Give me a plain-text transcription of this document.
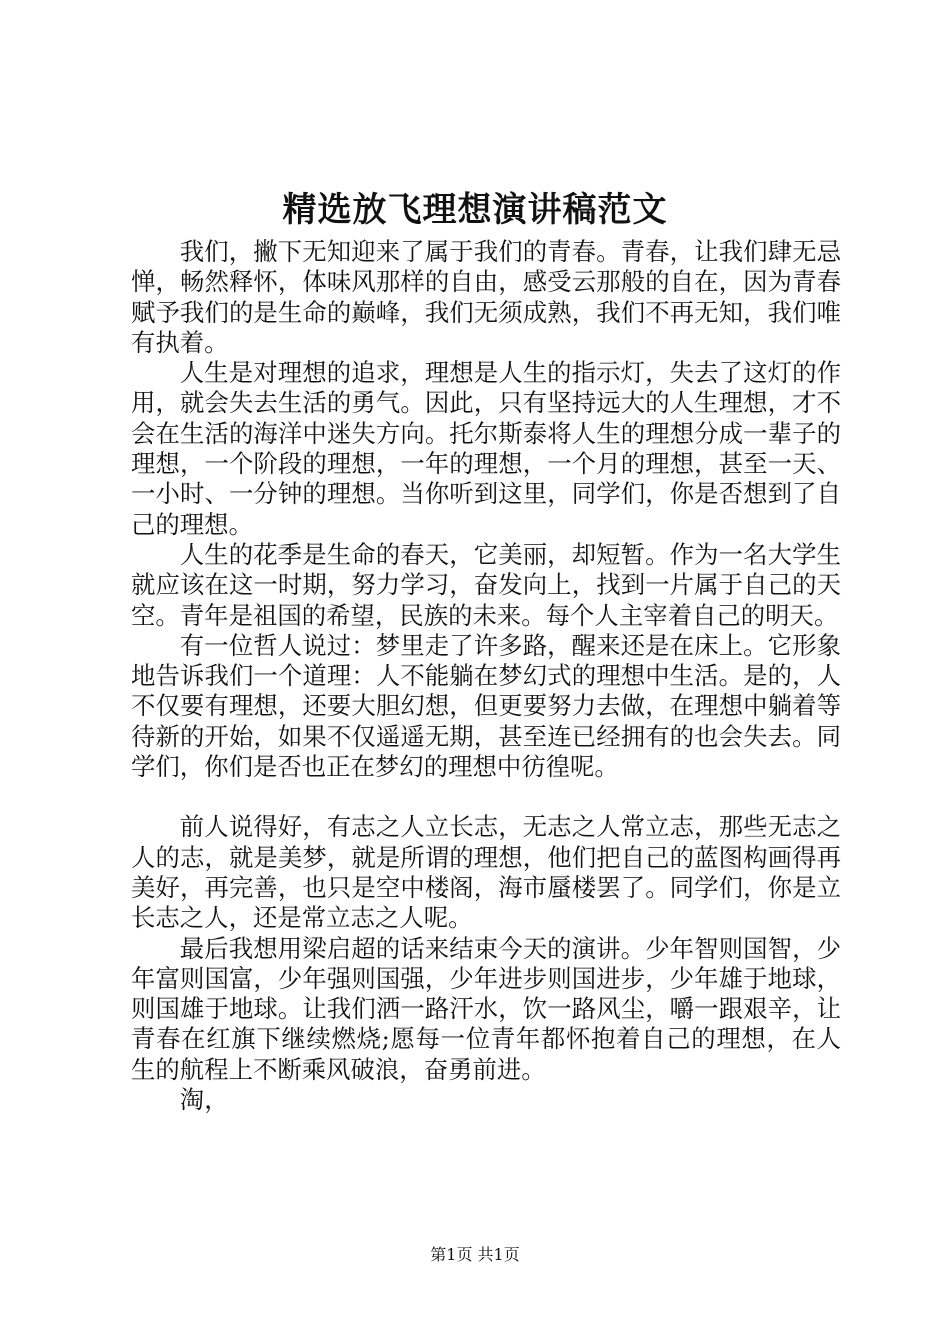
精选放飞理想演讲稿范文

我们，撇下无知迎来了属于我们的青春。青春，让我们肆无忌惮，畅然释怀，体味风那样的自由，感受云那般的自在，因为青春赋予我们的是生命的巅峰，我们无须成熟，我们不再无知，我们唯有执着。

人生是对理想的追求，理想是人生的指示灯，失去了这灯的作用，就会失去生活的勇气。因此，只有坚持远大的人生理想，才不会在生活的海洋中迷失方向。托尔斯泰将人生的理想分成一辈子的理想，一个阶段的理想，一年的理想，一个月的理想，甚至一天、一小时、一分钟的理想。当你听到这里，同学们，你是否想到了自己的理想。

人生的花季是生命的春天，它美丽，却短暂。作为一名大学生就应该在这一时期，努力学习，奋发向上，找到一片属于自己的天空。青年是祖国的希望，民族的未来。每个人主宰着自己的明天。

有一位哲人说过：梦里走了许多路，醒来还是在床上。它形象地告诉我们一个道理：人不能躺在梦幻式的理想中生活。是的，人不仅要有理想，还要大胆幻想，但更要努力去做，在理想中躺着等待新的开始，如果不仅遥遥无期，甚至连已经拥有的也会失去。同学们，你们是否也正在梦幻的理想中彷徨呢。

前人说得好，有志之人立长志，无志之人常立志，那些无志之人的志，就是美梦，就是所谓的理想，他们把自己的蓝图构画得再美好，再完善，也只是空中楼阁，海市蜃楼罢了。同学们，你是立长志之人，还是常立志之人呢。

最后我想用梁启超的话来结束今天的演讲。少年智则国智，少年富则国富，少年强则国强，少年进步则国进步，少年雄于地球，则国雄于地球。让我们洒一路汗水，饮一路风尘，嚼一跟艰辛，让青春在红旗下继续燃烧;愿每一位青年都怀抱着自己的理想，在人生的航程上不断乘风破浪，奋勇前进。

淘，

第1页 共1页
